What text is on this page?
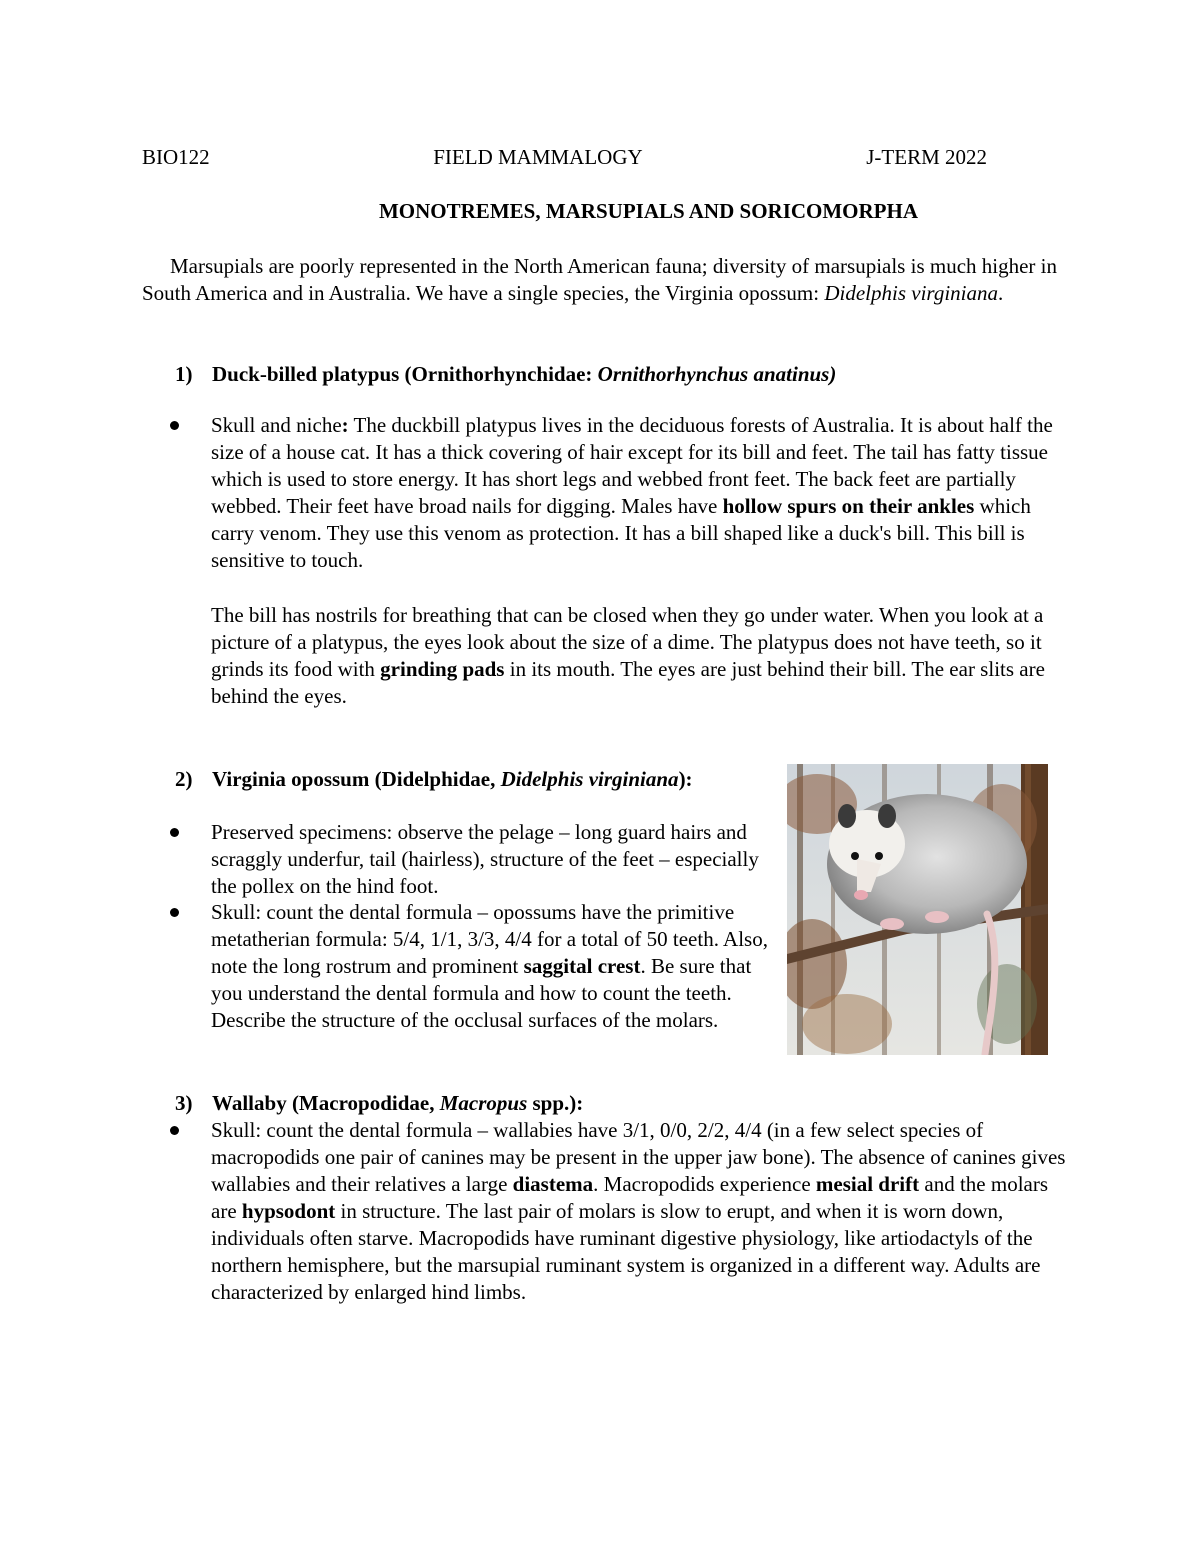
BIO122	FIELD MAMMALOGY	J-TERM 2022
MONOTREMES, MARSUPIALS AND SORICOMORPHA

Marsupials are poorly represented in the North American fauna; diversity of marsupials is much higher in South America and in Australia. We have a single species, the Virginia opossum: Didelphis virginiana.

1) Duck-billed platypus (Ornithorhynchidae: Ornithorhynchus anatinus)

Skull and niche: The duckbill platypus lives in the deciduous forests of Australia. It is about half the size of a house cat. It has a thick covering of hair except for its bill and feet. The tail has fatty tissue which is used to store energy. It has short legs and webbed front feet. The back feet are partially webbed. Their feet have broad nails for digging. Males have hollow spurs on their ankles which carry venom. They use this venom as protection. It has a bill shaped like a duck's bill. This bill is sensitive to touch.

The bill has nostrils for breathing that can be closed when they go under water. When you look at a picture of a platypus, the eyes look about the size of a dime. The platypus does not have teeth, so it grinds its food with grinding pads in its mouth. The eyes are just behind their bill. The ear slits are behind the eyes.

2) Virginia opossum (Didelphidae, Didelphis virginiana):

Preserved specimens: observe the pelage – long guard hairs and scraggly underfur, tail (hairless), structure of the feet – especially the pollex on the hind foot.

Skull: count the dental formula – opossums have the primitive metatherian formula: 5/4, 1/1, 3/3, 4/4 for a total of 50 teeth. Also, note the long rostrum and prominent saggital crest. Be sure that you understand the dental formula and how to count the teeth. Describe the structure of the occlusal surfaces of the molars.

3) Wallaby (Macropodidae, Macropus spp.):

Skull: count the dental formula – wallabies have 3/1, 0/0, 2/2, 4/4 (in a few select species of macropodids one pair of canines may be present in the upper jaw bone). The absence of canines gives wallabies and their relatives a large diastema. Macropodids experience mesial drift and the molars are hypsodont in structure. The last pair of molars is slow to erupt, and when it is worn down, individuals often starve. Macropodids have ruminant digestive physiology, like artiodactyls of the northern hemisphere, but the marsupial ruminant system is organized in a different way. Adults are characterized by enlarged hind limbs.
